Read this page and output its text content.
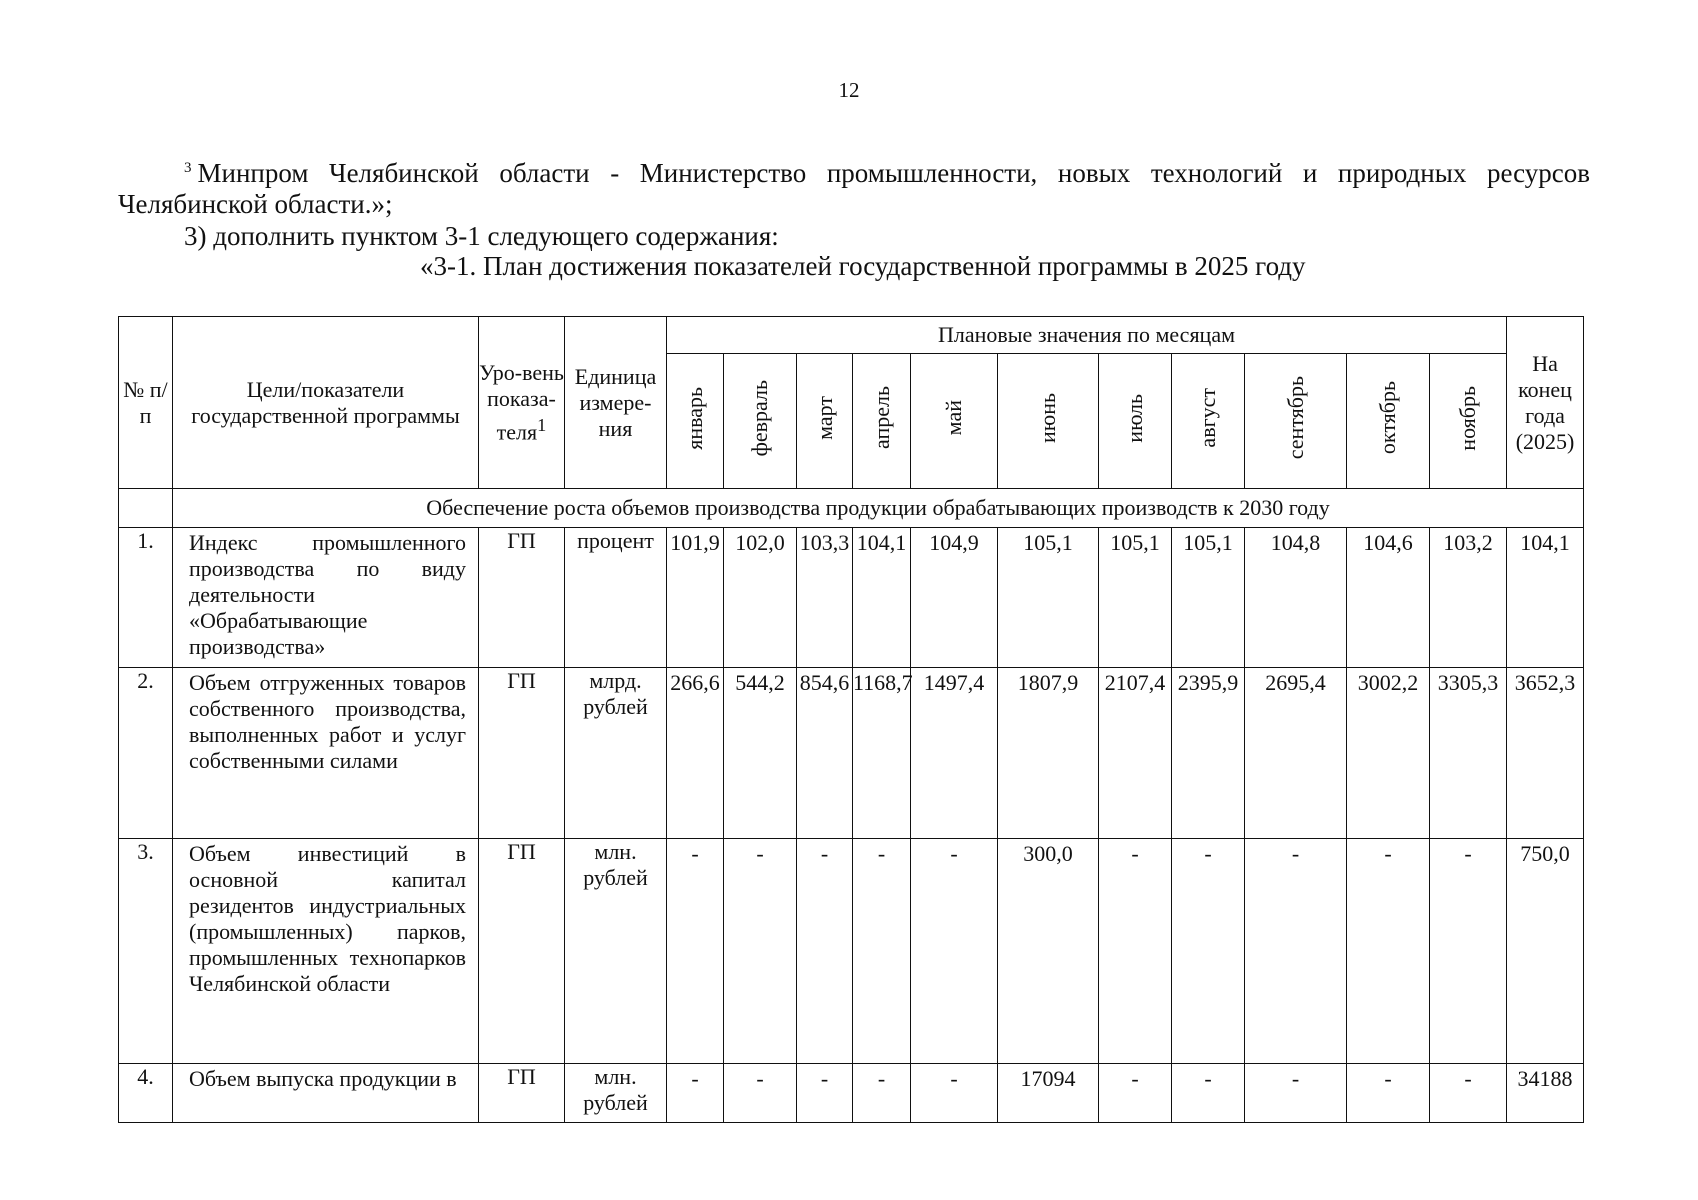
12
$^3$ Минпром Челябинской области - Министерство промышленности, новых технологий и природных ресурсов Челябинской области.»;
3) дополнить пунктом 3-1 следующего содержания:
«3-1. План достижения показателей государственной программы в 2025 году
№ п/п	Цели/показатели государственной программы	Уро-вень показа-теля$^1$	Единица измере-ния	Плановые значения по месяцам											На конец года (2025)
				январь	февраль	март	апрель	май	июнь	июль	август	сентябрь	октябрь	ноябрь	
	Обеспечение роста объемов производства продукции обрабатывающих производств к 2030 году														
1.	Индекс промышленного производства по виду деятельности «Обрабатывающие производства»	ГП	процент	101,9	102,0	103,3	104,1	104,9	105,1	105,1	105,1	104,8	104,6	103,2	104,1
2.	Объем отгруженных товаров собственного производства, выполненных работ и услуг собственными силами	ГП	млрд. рублей	266,6	544,2	854,6	1168,7	1497,4	1807,9	2107,4	2395,9	2695,4	3002,2	3305,3	3652,3
3.	Объем инвестиций в основной капитал резидентов индустриальных (промышленных) парков, промышленных технопарков Челябинской области	ГП	млн. рублей	-	-	-	-	-	300,0	-	-	-	-	-	750,0
4.	Объем выпуска продукции в	ГП	млн. рублей	-	-	-	-	-	17094	-	-	-	-	-	34188
